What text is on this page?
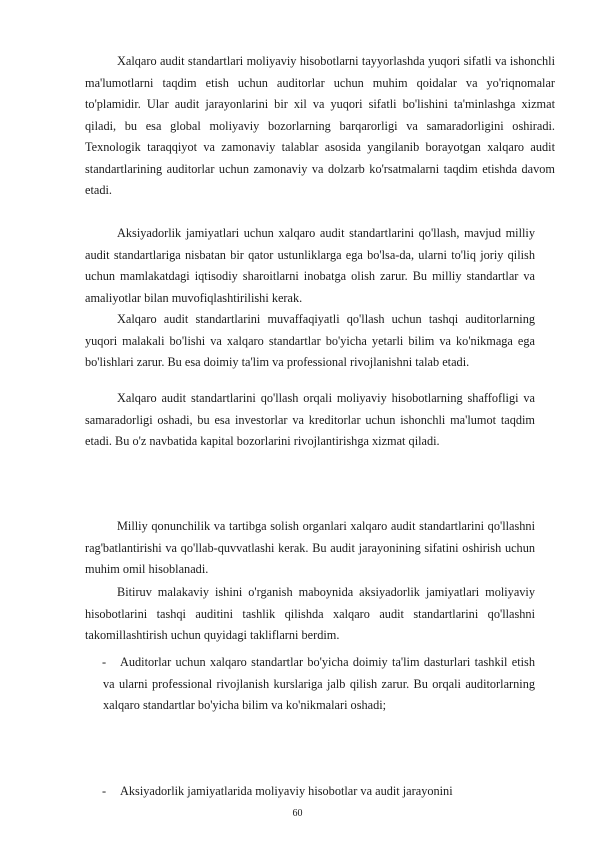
Xalqaro audit standartlari moliyaviy hisobotlarni tayyorlashda yuqori sifatli va ishonchli ma'lumotlarni taqdim etish uchun auditorlar uchun muhim qoidalar va yo'riqnomalar to'plamidir. Ular audit jarayonlarini bir xil va yuqori sifatli bo'lishini ta'minlashga xizmat qiladi, bu esa global moliyaviy bozorlarning barqarorligi va samaradorligini oshiradi. Texnologik taraqqiyot va zamonaviy talablar asosida yangilanib borayotgan xalqaro audit standartlarining auditorlar uchun zamonaviy va dolzarb ko'rsatmalarni taqdim etishda davom etadi.

Aksiyadorlik jamiyatlari uchun xalqaro audit standartlarini qo'llash, mavjud milliy audit standartlariga nisbatan bir qator ustunliklarga ega bo'lsa-da, ularni to'liq joriy qilish uchun mamlakatdagi iqtisodiy sharoitlarni inobatga olish zarur. Bu milliy standartlar va amaliyotlar bilan muvofiqlashtirilishi kerak.

Xalqaro audit standartlarini muvaffaqiyatli qo'llash uchun tashqi auditorlarning yuqori malakali bo'lishi va xalqaro standartlar bo'yicha yetarli bilim va ko'nikmaga ega bo'lishlari zarur. Bu esa doimiy ta'lim va professional rivojlanishni talab etadi.

Xalqaro audit standartlarini qo'llash orqali moliyaviy hisobotlarning shaffofligi va samaradorligi oshadi, bu esa investorlar va kreditorlar uchun ishonchli ma'lumot taqdim etadi. Bu o'z navbatida kapital bozorlarini rivojlantirishga xizmat qiladi.

Milliy qonunchilik va tartibga solish organlari xalqaro audit standartlarini qo'llashni rag'batlantirishi va qo'llab-quvvatlashi kerak. Bu audit jarayonining sifatini oshirish uchun muhim omil hisoblanadi.

Bitiruv malakaviy ishini o'rganish maboynida aksiyadorlik jamiyatlari moliyaviy hisobotlarini tashqi auditini tashlik qilishda xalqaro audit standartlarini qo'llashni takomillashtirish uchun quyidagi takliflarni berdim.

-	Auditorlar uchun xalqaro standartlar bo'yicha doimiy ta'lim dasturlari tashkil etish va ularni professional rivojlanish kurslariga jalb qilish zarur. Bu orqali auditorlarning xalqaro standartlar bo'yicha bilim va ko'nikmalari oshadi;
-	Aksiyadorlik jamiyatlarida moliyaviy hisobotlar va audit jarayonini
60
